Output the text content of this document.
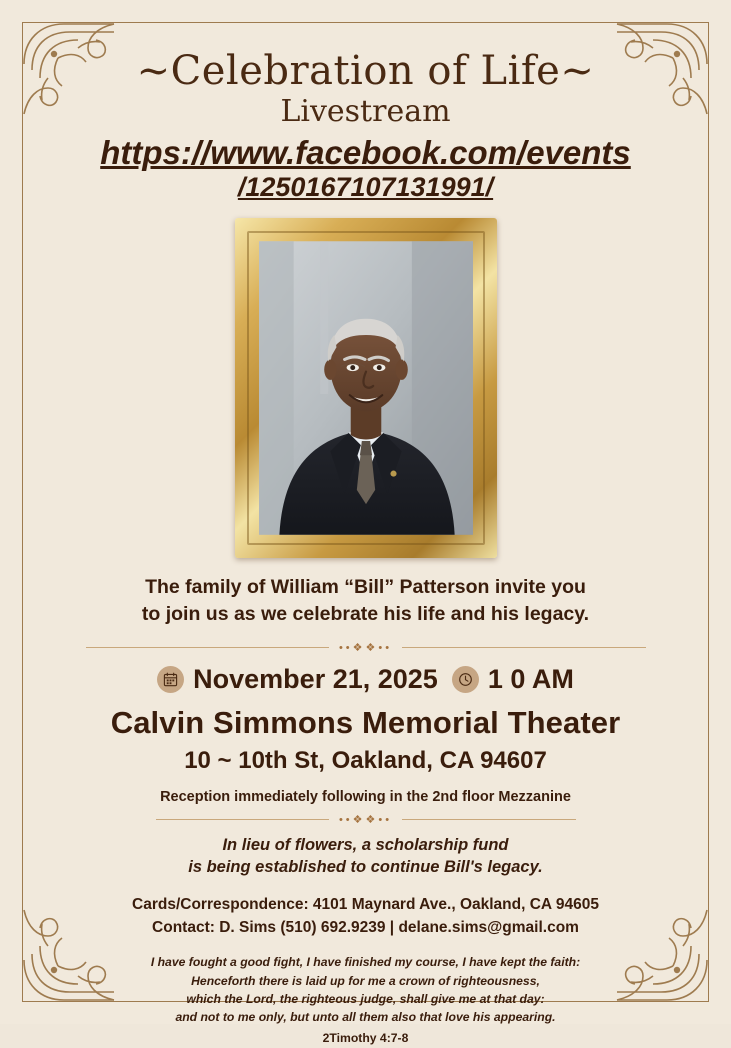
~Celebration of Life~
Livestream
https://www.facebook.com/events
/1250167107131991/
The family of William “Bill” Patterson invite you
to join us as we celebrate his life and his legacy.
••❖❖••
November 21, 2025 1 0 AM
Calvin Simmons Memorial Theater
10 ~ 10th St, Oakland, CA 94607
Reception immediately following in the 2nd floor Mezzanine
••❖❖••
In lieu of flowers, a scholarship fund
is being established to continue Bill's legacy.
Cards/Correspondence: 4101 Maynard Ave., Oakland, CA 94605
Contact: D. Sims (510) 692.9239 | delane.sims@gmail.com
I have fought a good fight, I have finished my course, I have kept the faith:
Henceforth there is laid up for me a crown of righteousness,
which the Lord, the righteous judge, shall give me at that day:
and not to me only, but unto all them also that love his appearing.
2Timothy 4:7-8
